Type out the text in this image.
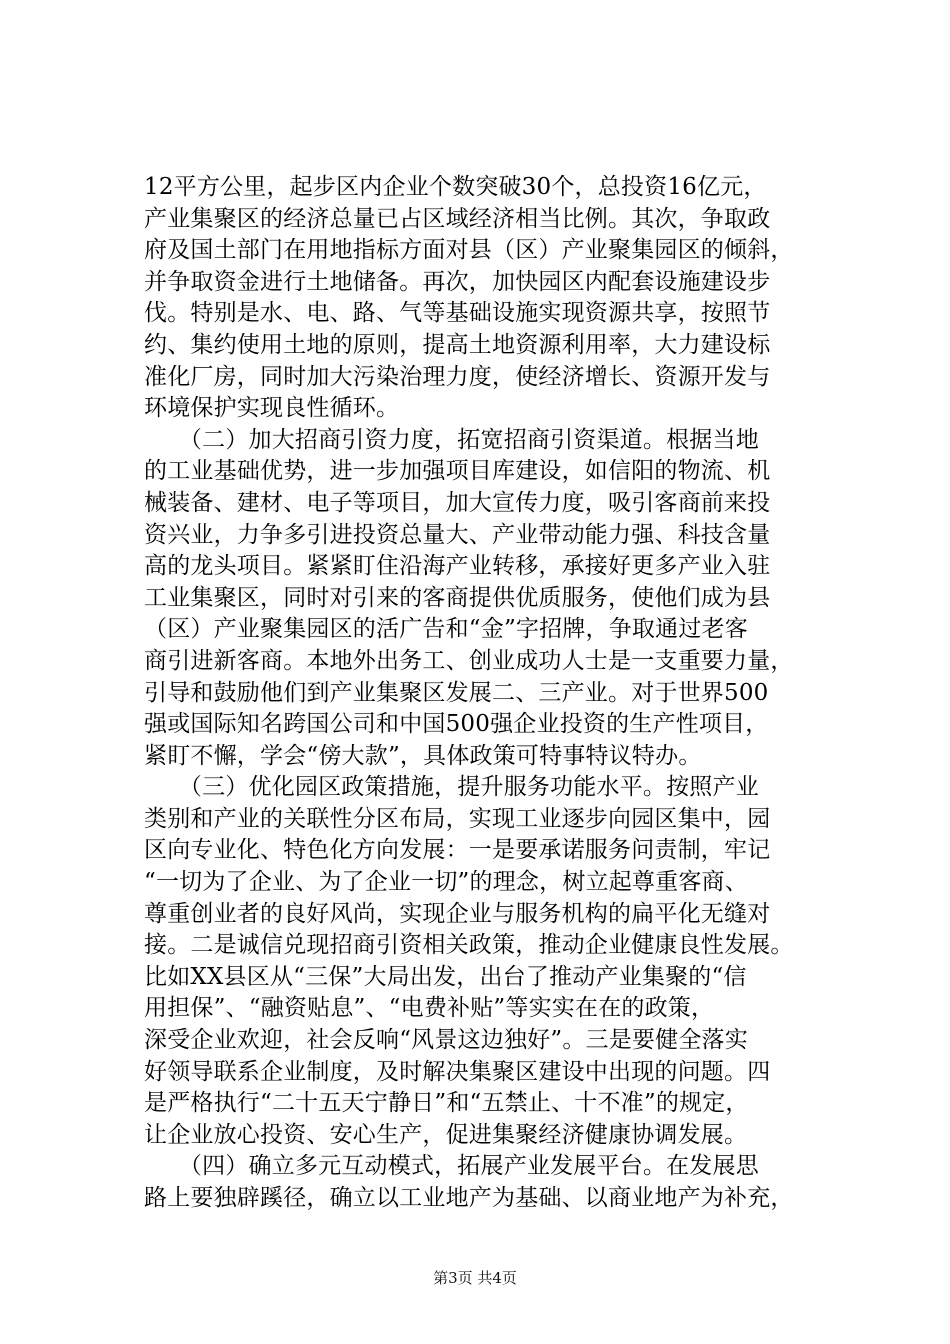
12平方公里，起步区内企业个数突破30个，总投资16亿元，
产业集聚区的经济总量已占区域经济相当比例。其次，争取政
府及国土部门在用地指标方面对县（区）产业聚集园区的倾斜，
并争取资金进行土地储备。再次，加快园区内配套设施建设步
伐。特别是水、电、路、气等基础设施实现资源共享，按照节
约、集约使用土地的原则，提高土地资源利用率，大力建设标
准化厂房，同时加大污染治理力度，使经济增长、资源开发与
环境保护实现良性循环。
　　（二）加大招商引资力度，拓宽招商引资渠道。根据当地
的工业基础优势，进一步加强项目库建设，如信阳的物流、机
械装备、建材、电子等项目，加大宣传力度，吸引客商前来投
资兴业，力争多引进投资总量大、产业带动能力强、科技含量
高的龙头项目。紧紧盯住沿海产业转移，承接好更多产业入驻
工业集聚区，同时对引来的客商提供优质服务，使他们成为县
（区）产业聚集园区的活广告和“金”字招牌，争取通过老客
商引进新客商。本地外出务工、创业成功人士是一支重要力量，
引导和鼓励他们到产业集聚区发展二、三产业。对于世界500
强或国际知名跨国公司和中国500强企业投资的生产性项目，
紧盯不懈，学会“傍大款”，具体政策可特事特议特办。
　　（三）优化园区政策措施，提升服务功能水平。按照产业
类别和产业的关联性分区布局，实现工业逐步向园区集中，园
区向专业化、特色化方向发展：一是要承诺服务问责制，牢记
“一切为了企业、为了企业一切”的理念，树立起尊重客商、
尊重创业者的良好风尚，实现企业与服务机构的扁平化无缝对
接。二是诚信兑现招商引资相关政策，推动企业健康良性发展。
比如XX县区从“三保”大局出发，出台了推动产业集聚的“信
用担保”、“融资贴息”、“电费补贴”等实实在在的政策，
深受企业欢迎，社会反响“风景这边独好”。三是要健全落实
好领导联系企业制度，及时解决集聚区建设中出现的问题。四
是严格执行“二十五天宁静日”和“五禁止、十不准”的规定，
让企业放心投资、安心生产，促进集聚经济健康协调发展。
　　（四）确立多元互动模式，拓展产业发展平台。在发展思
路上要独辟蹊径，确立以工业地产为基础、以商业地产为补充，
第3页 共4页
